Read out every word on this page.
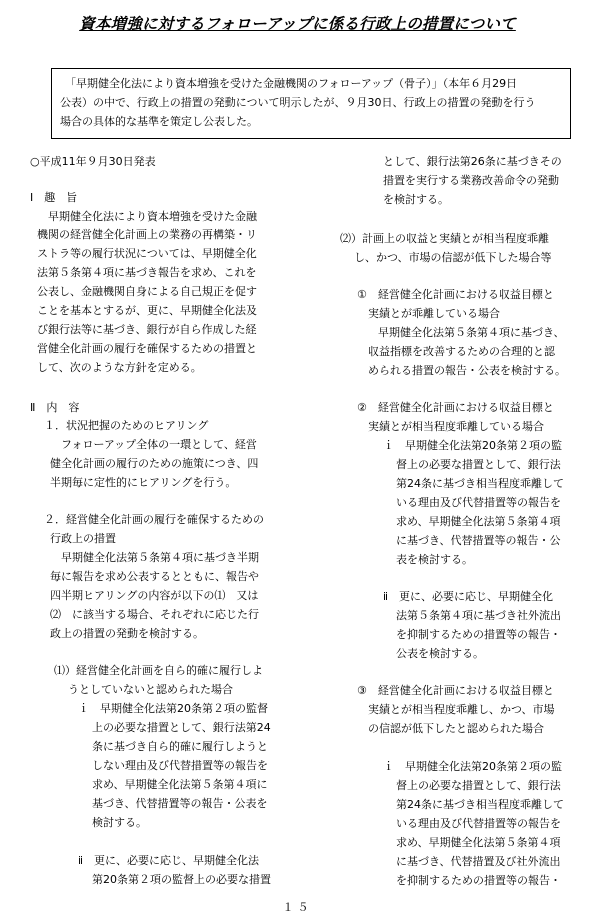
資本増強に対するフォローアップに係る行政上の措置について
「早期健全化法により資本増強を受けた金融機関のフォローアップ（骨子）」（本年６月29日
公表）の中で、行政上の措置の発動について明示したが、９月30日、行政上の措置の発動を行う
場合の具体的な基準を策定し公表した。
○平成11年９月30日発表
Ⅰ　趣　旨
早期健全化法により資本増強を受けた金融
機関の経営健全化計画上の業務の再構築・リ
ストラ等の履行状況については、早期健全化
法第５条第４項に基づき報告を求め、これを
公表し、金融機関自身による自己規正を促す
ことを基本とするが、更に、早期健全化法及
び銀行法等に基づき、銀行が自ら作成した経
営健全化計画の履行を確保するための措置と
して、次のような方針を定める。
Ⅱ　内　容
１．状況把握のためのヒアリング
フォローアップ全体の一環として、経営
健全化計画の履行のための施策につき、四
半期毎に定性的にヒアリングを行う。
２．経営健全化計画の履行を確保するための
行政上の措置
早期健全化法第５条第４項に基づき半期
毎に報告を求め公表するとともに、報告や
四半期ヒアリングの内容が以下の⑴　又は
⑵　に該当する場合、それぞれに応じた行
政上の措置の発動を検討する。
⑴）経営健全化計画を自ら的確に履行しよ
うとしていないと認められた場合
ｉ　早期健全化法第20条第２項の監督
上の必要な措置として、銀行法第24
条に基づき自ら的確に履行しようと
しない理由及び代替措置等の報告を
求め、早期健全化法第５条第４項に
基づき、代替措置等の報告・公表を
検討する。
ⅱ　更に、必要に応じ、早期健全化法
第20条第２項の監督上の必要な措置
として、銀行法第26条に基づきその
措置を実行する業務改善命令の発動
を検討する。
⑵）計画上の収益と実績とが相当程度乖離
し、かつ、市場の信認が低下した場合等
①　経営健全化計画における収益目標と
実績とが乖離している場合
早期健全化法第５条第４項に基づき、
収益指標を改善するための合理的と認
められる措置の報告・公表を検討する。
②　経営健全化計画における収益目標と
実績とが相当程度乖離している場合
ｉ　早期健全化法第20条第２項の監
督上の必要な措置として、銀行法
第24条に基づき相当程度乖離して
いる理由及び代替措置等の報告を
求め、早期健全化法第５条第４項
に基づき、代替措置等の報告・公
表を検討する。
ⅱ　更に、必要に応じ、早期健全化
法第５条第４項に基づき社外流出
を抑制するための措置等の報告・
公表を検討する。
③　経営健全化計画における収益目標と
実績とが相当程度乖離し、かつ、市場
の信認が低下したと認められた場合
ｉ　早期健全化法第20条第２項の監
督上の必要な措置として、銀行法
第24条に基づき相当程度乖離して
いる理由及び代替措置等の報告を
求め、早期健全化法第５条第４項
に基づき、代替措置及び社外流出
を抑制するための措置等の報告・
１５
